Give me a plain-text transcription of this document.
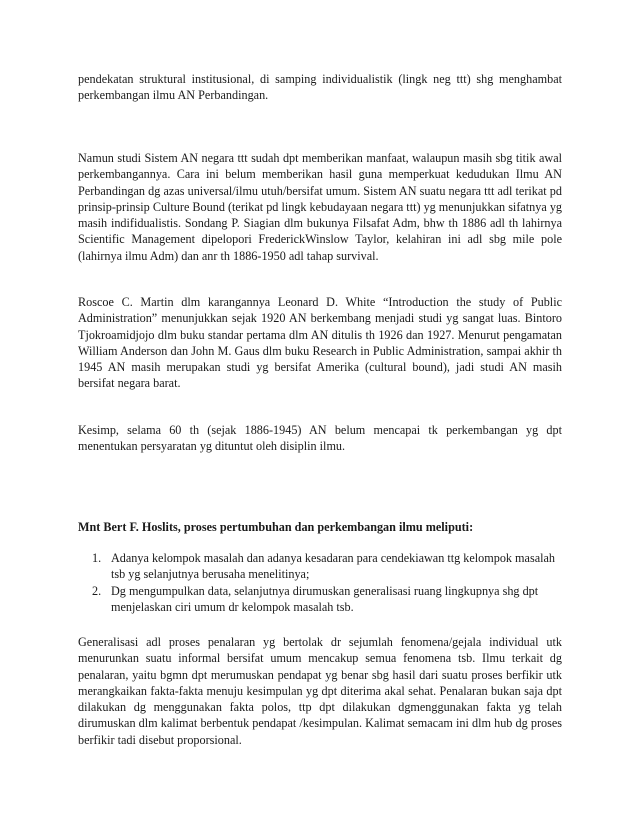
pendekatan struktural institusional, di samping individualistik (lingk neg ttt) shg menghambat perkembangan ilmu AN Perbandingan.

Namun studi Sistem AN negara ttt sudah dpt memberikan manfaat, walaupun masih sbg titik awal perkembangannya. Cara ini belum memberikan hasil guna memperkuat kedudukan Ilmu AN Perbandingan dg azas universal/ilmu utuh/bersifat umum. Sistem AN suatu negara ttt adl terikat pd prinsip-prinsip Culture Bound (terikat pd lingk kebudayaan negara ttt) yg menunjukkan sifatnya yg masih indifidualistis. Sondang P. Siagian dlm bukunya Filsafat Adm, bhw th 1886 adl th lahirnya Scientific Management dipelopori FrederickWinslow Taylor, kelahiran ini adl sbg mile pole (lahirnya ilmu Adm) dan anr th 1886-1950 adl tahap survival.

Roscoe C. Martin dlm karangannya Leonard D. White “Introduction the study of Public Administration” menunjukkan sejak 1920 AN berkembang menjadi studi yg sangat luas. Bintoro Tjokroamidjojo dlm buku standar pertama dlm AN ditulis th 1926 dan 1927. Menurut pengamatan William Anderson dan John M. Gaus dlm buku Research in Public Administration, sampai akhir th 1945 AN masih merupakan studi yg bersifat Amerika (cultural bound), jadi studi AN masih bersifat negara barat.

Kesimp, selama 60 th (sejak 1886-1945) AN belum mencapai tk perkembangan yg dpt menentukan persyaratan yg dituntut oleh disiplin ilmu.

Mnt Bert F. Hoslits, proses pertumbuhan dan perkembangan ilmu meliputi:

1. Adanya kelompok masalah dan adanya kesadaran para cendekiawan ttg kelompok masalah tsb yg selanjutnya berusaha menelitinya;
2. Dg mengumpulkan data, selanjutnya dirumuskan generalisasi ruang lingkupnya shg dpt menjelaskan ciri umum dr kelompok masalah tsb.

Generalisasi adl proses penalaran yg bertolak dr sejumlah fenomena/gejala individual utk menurunkan suatu informal bersifat umum mencakup semua fenomena tsb. Ilmu terkait dg penalaran, yaitu bgmn dpt merumuskan pendapat yg benar sbg hasil dari suatu proses berfikir utk merangkaikan fakta-fakta menuju kesimpulan yg dpt diterima akal sehat. Penalaran bukan saja dpt dilakukan dg menggunakan fakta polos, ttp dpt dilakukan dgmenggunakan fakta yg telah dirumuskan dlm kalimat berbentuk pendapat /kesimpulan. Kalimat semacam ini dlm hub dg proses berfikir tadi disebut proporsional.
